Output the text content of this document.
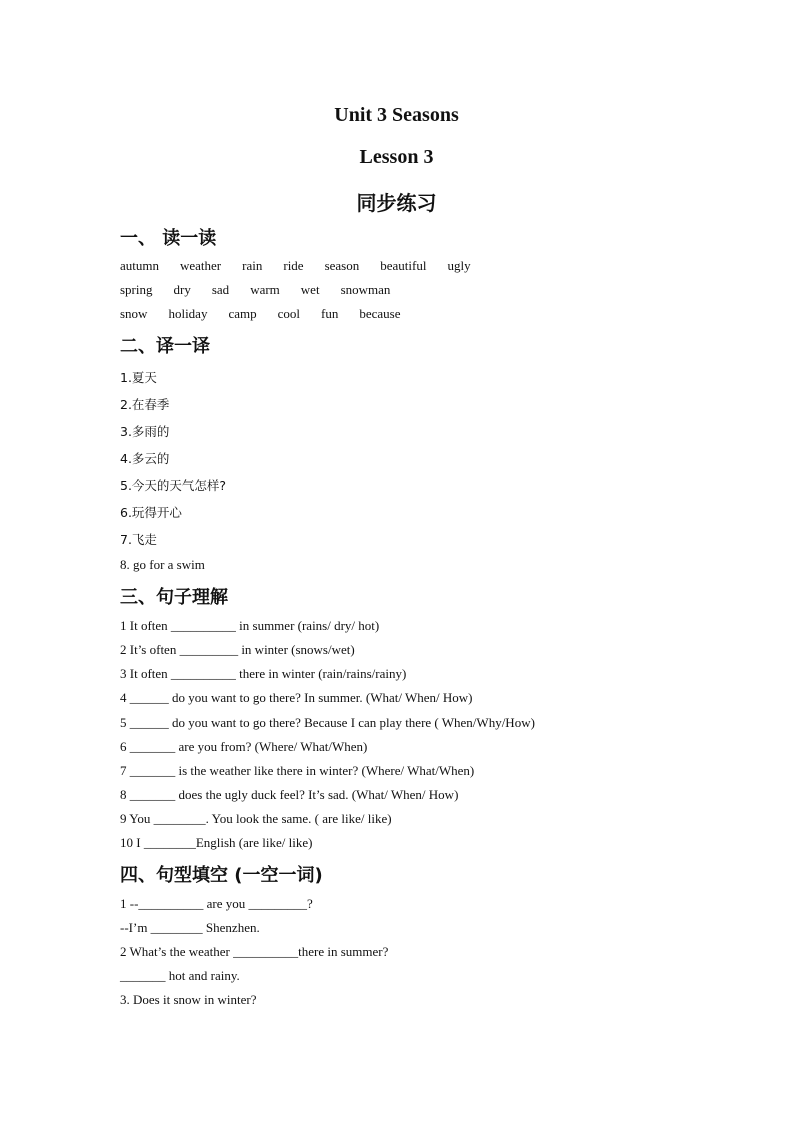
Unit 3 Seasons
Lesson 3
同步练习
一、 读一读
autumn weather rain ride season beautiful ugly
spring dry sad warm wet snowman
snow holiday camp cool fun because
二、译一译
1.夏天
2.在春季
3.多雨的
4.多云的
5.今天的天气怎样?
6.玩得开心
7.飞走
8. go for a swim
三、句子理解
1 It often __________ in summer (rains/ dry/ hot)
2 It’s often _________ in winter (snows/wet)
3 It often __________ there in winter (rain/rains/rainy)
4 ______ do you want to go there? In summer. (What/ When/ How)
5 ______ do you want to go there? Because I can play there ( When/Why/How)
6 _______ are you from? (Where/ What/When)
7 _______ is the weather like there in winter? (Where/ What/When)
8 _______ does the ugly duck feel? It’s sad. (What/ When/ How)
9 You ________. You look the same. ( are like/ like)
10 I ________English (are like/ like)
四、句型填空 (一空一词)
1 --__________ are you _________?
--I’m ________ Shenzhen.
2 What’s the weather __________there in summer?
_______ hot and rainy.
3. Does it snow in winter?
